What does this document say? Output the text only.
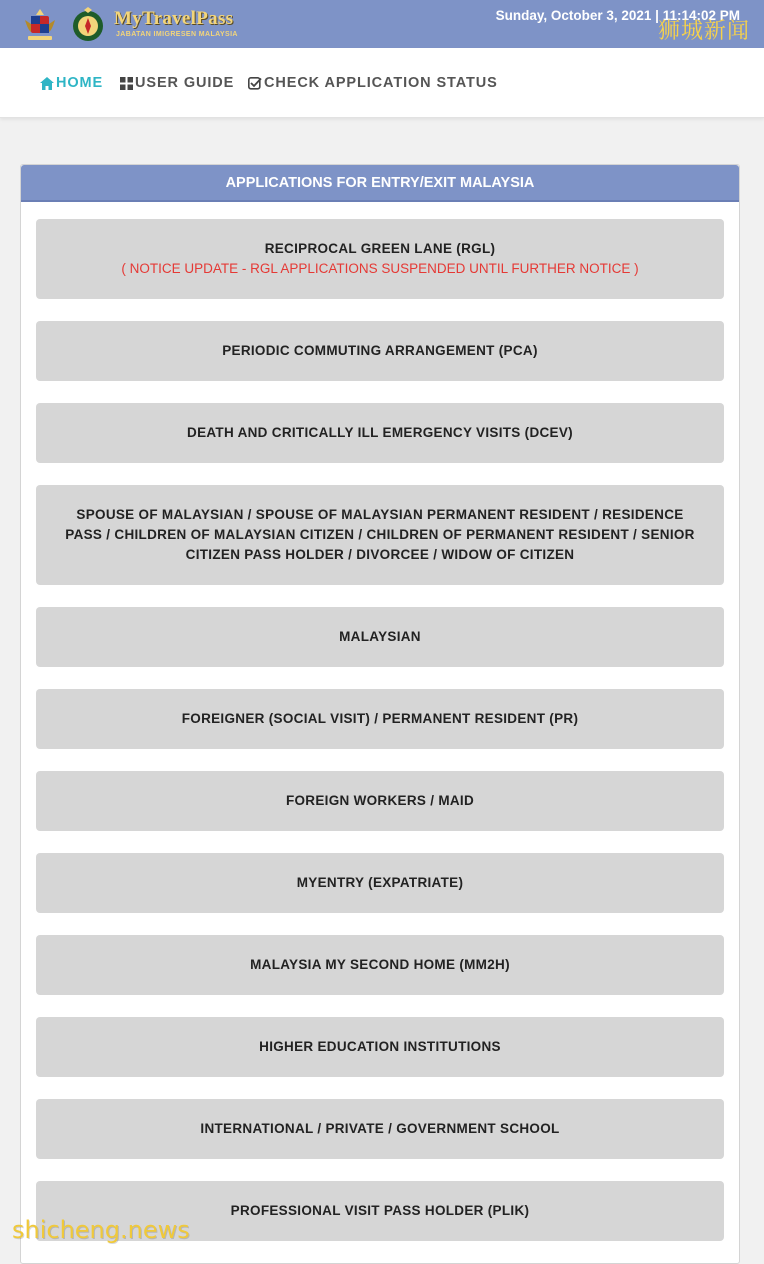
MyTravelPass
JABATAN IMIGRESEN MALAYSIA
Sunday, October 3, 2021 | 11:14:02 PM
狮城新闻
HOME USER GUIDE CHECK APPLICATION STATUS
APPLICATIONS FOR ENTRY/EXIT MALAYSIA
RECIPROCAL GREEN LANE (RGL)
( NOTICE UPDATE - RGL APPLICATIONS SUSPENDED UNTIL FURTHER NOTICE )
PERIODIC COMMUTING ARRANGEMENT (PCA)
DEATH AND CRITICALLY ILL EMERGENCY VISITS (DCEV)
SPOUSE OF MALAYSIAN / SPOUSE OF MALAYSIAN PERMANENT RESIDENT / RESIDENCE PASS / CHILDREN OF MALAYSIAN CITIZEN / CHILDREN OF PERMANENT RESIDENT / SENIOR CITIZEN PASS HOLDER / DIVORCEE / WIDOW OF CITIZEN
MALAYSIAN
FOREIGNER (SOCIAL VISIT) / PERMANENT RESIDENT (PR)
FOREIGN WORKERS / MAID
MYENTRY (EXPATRIATE)
MALAYSIA MY SECOND HOME (MM2H)
HIGHER EDUCATION INSTITUTIONS
INTERNATIONAL / PRIVATE / GOVERNMENT SCHOOL
PROFESSIONAL VISIT PASS HOLDER (PLIK)
shicheng.news
